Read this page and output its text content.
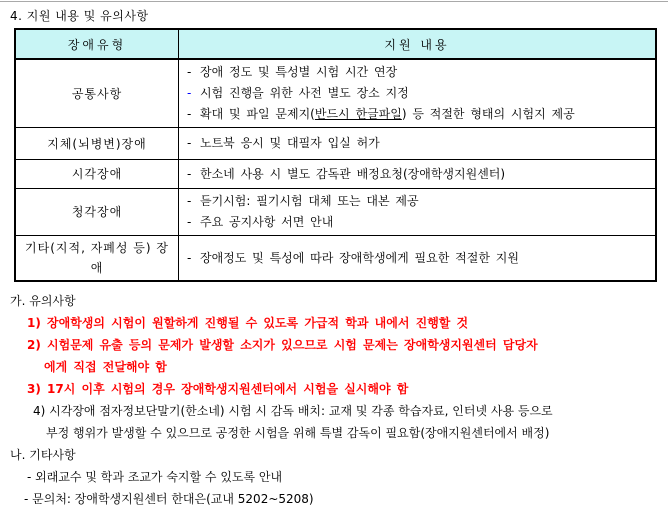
4. 지원 내용 및 유의사항
장애유형	지원 내용
공통사항	- 장애 정도 및 특성별 시험 시간 연장
- 시험 진행을 위한 사전 별도 장소 지정
- 확대 및 파일 문제지(반드시 한글파일) 등 적절한 형태의 시험지 제공

지체(뇌병변)장애	- 노트북 응시 및 대필자 입실 허가

시각장애	- 한소네 사용 시 별도 감독관 배정요청(장애학생지원센터)

청각장애	- 듣기시험: 필기시험 대체 또는 대본 제공
- 주요 공지사항 서면 안내

기타(지적, 자폐성 등) 장애	- 장애정도 및 특성에 따라 장애학생에게 필요한 적절한 지원
가. 유의사항
1) 장애학생의 시험이 원할하게 진행될 수 있도록 가급적 학과 내에서 진행할 것
2) 시험문제 유출 등의 문제가 발생할 소지가 있으므로 시험 문제는 장애학생지원센터 담당자
에게 직접 전달해야 함
3) 17시 이후 시험의 경우 장애학생지원센터에서 시험을 실시해야 함
4) 시각장애 점자정보단말기(한소네) 시험 시 감독 배치: 교재 및 각종 학습자료, 인터넷 사용 등으로
부정 행위가 발생할 수 있으므로 공정한 시험을 위해 특별 감독이 필요함(장애지원센터에서 배정)
나. 기타사항
- 외래교수 및 학과 조교가 숙지할 수 있도록 안내
- 문의처: 장애학생지원센터 한대은(교내 5202~5208)
